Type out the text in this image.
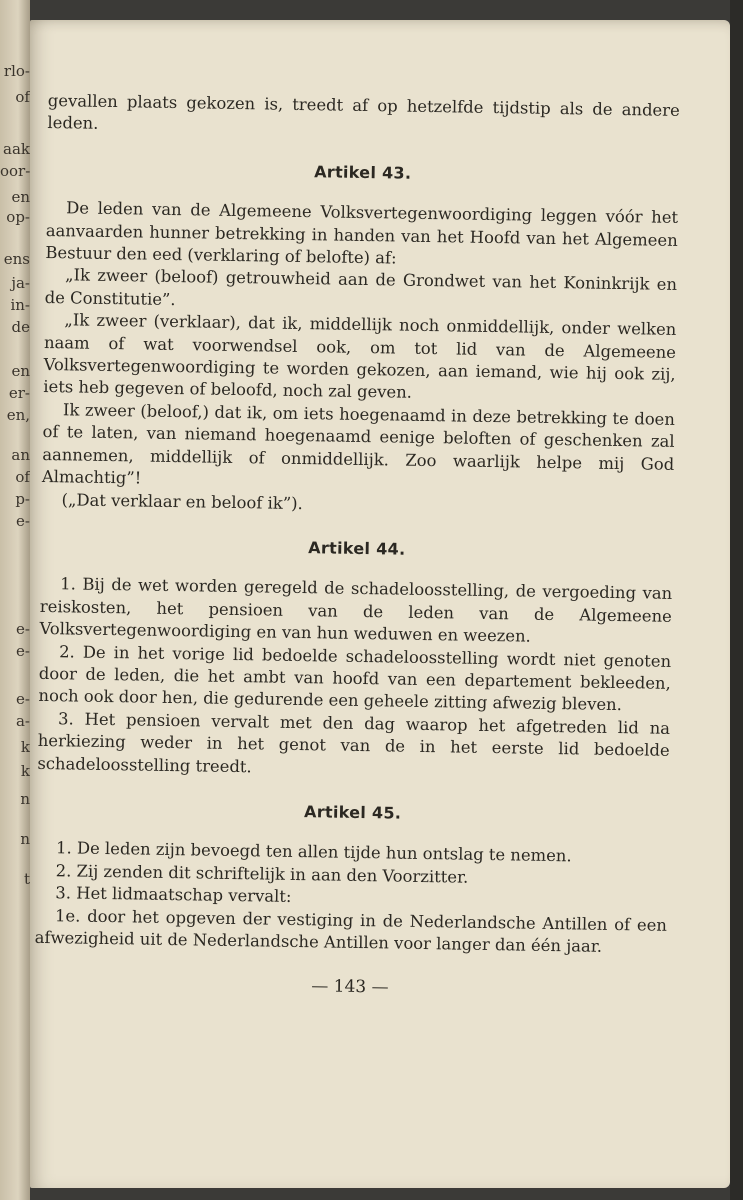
rlo-
of
aak
oor-
en
op-
ens
ja-
in-
de
en
er-
en,
an
of
p-
e-
e-
e-
e-
a-
k
k
n
n
t

gevallen plaats gekozen is, treedt af op hetzelfde tijdstip als de andere leden.

Artikel 43.

De leden van de Algemeene Volksvertegenwoordiging leggen vóór het aanvaarden hunner betrekking in handen van het Hoofd van het Algemeen Bestuur den eed (verklaring of belofte) af:

„Ik zweer (beloof) getrouwheid aan de Grondwet van het Koninkrijk en de Constitutie”.

„Ik zweer (verklaar), dat ik, middellijk noch onmiddellijk, onder welken naam of wat voorwendsel ook, om tot lid van de Algemeene Volksvertegenwoordiging te worden gekozen, aan iemand, wie hij ook zij, iets heb gegeven of beloofd, noch zal geven.

Ik zweer (beloof,) dat ik, om iets hoegenaamd in deze betrekking te doen of te laten, van niemand hoegenaamd eenige beloften of geschenken zal aannemen, middellijk of onmiddellijk. Zoo waarlijk helpe mij God Almachtig”!

(„Dat verklaar en beloof ik”).

Artikel 44.

1. Bij de wet worden geregeld de schadeloosstelling, de vergoeding van reiskosten, het pensioen van de leden van de Algemeene Volksvertegenwoordiging en van hun weduwen en weezen.

2. De in het vorige lid bedoelde schadeloosstelling wordt niet genoten door de leden, die het ambt van hoofd van een departement bekleeden, noch ook door hen, die gedurende een geheele zitting afwezig bleven.

3. Het pensioen vervalt met den dag waarop het afgetreden lid na herkiezing weder in het genot van de in het eerste lid bedoelde schadeloosstelling treedt.

Artikel 45.

1. De leden zijn bevoegd ten allen tijde hun ontslag te nemen.

2. Zij zenden dit schriftelijk in aan den Voorzitter.

3. Het lidmaatschap vervalt:

1e. door het opgeven der vestiging in de Nederlandsche Antillen of een afwezigheid uit de Nederlandsche Antillen voor langer dan één jaar.

— 143 —
